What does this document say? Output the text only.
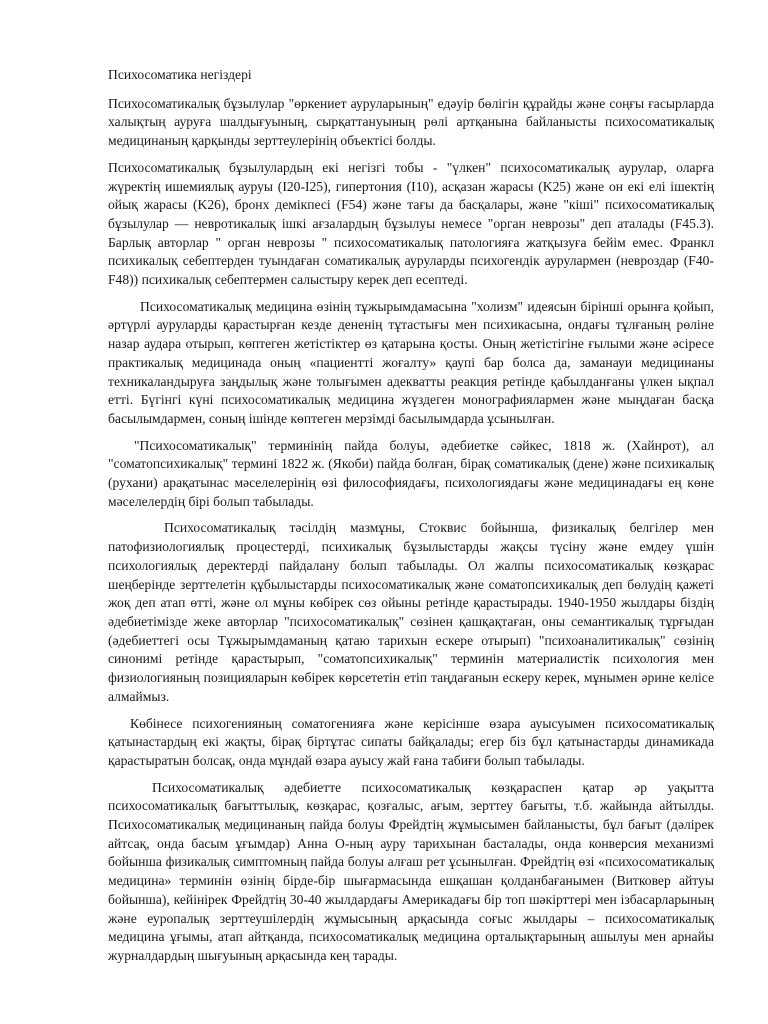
Психосоматика негіздері

Психосоматикалық бұзылулар "өркениет ауруларының" едәуір бөлігін құрайды және соңғы ғасырларда халықтың ауруға шалдығуының, сырқаттануының рөлі артқанына байланысты психосоматикалық медицинаның қарқынды зерттеулерінің объектісі болды.

Психосоматикалық бұзылулардың екі негізгі тобы - "үлкен" психосоматикалық аурулар, оларға жүректің ишемиялық ауруы (I20-I25), гипертония (I10), асқазан жарасы (K25) және он екі елі ішектің ойық жарасы (K26), бронх демікпесі (F54) және тағы да басқалары, және "кіші" психосоматикалық бұзылулар — невротикалық ішкі ағзалардың бұзылуы немесе "орган неврозы" деп аталады (F45.3). Барлық авторлар " орган неврозы " психосоматикалық патологияға жатқызуға бейім емес. Франкл психикалық себептерден туындаған соматикалық ауруларды психогендік аурулармен (невроздар (F40-F48)) психикалық себептермен салыстыру керек деп есептеді.

Психосоматикалық медицина өзінің тұжырымдамасына "холизм" идеясын бірінші орынға қойып, әртүрлі ауруларды қарастырған кезде дененің тұтастығы мен психикасына, ондағы тұлғаның рөліне назар аудара отырып, көптеген жетістіктер өз қатарына қосты. Оның жетістігіне ғылыми және әсіресе практикалық медицинада оның «пациентті жоғалту» қаупі бар болса да, заманауи медицинаны техникаландыруға заңдылық және толығымен адекватты реакция ретінде қабылданғаны үлкен ықпал етті. Бүгінгі күні психосоматикалық медицина жүздеген монографиялармен және мыңдаған басқа басылымдармен, соның ішінде көптеген мерзімді басылымдарда ұсынылған.

"Психосоматикалық" терминінің пайда болуы, әдебиетке сәйкес, 1818 ж. (Хайнрот), ал "соматопсихикалық" термині 1822 ж. (Якоби) пайда болған, бірақ соматикалық (дене) және психикалық (рухани) арақатынас мәселелерінің өзі философиядағы, психологиядағы және медицинадағы ең көне мәселелердің бірі болып табылады.

Психосоматикалық тәсілдің мазмұны, Стоквис бойынша, физикалық белгілер мен патофизиологиялық процестерді, психикалық бұзылыстарды жақсы түсіну және емдеу үшін психологиялық деректерді пайдалану болып табылады. Ол жалпы психосоматикалық көзқарас шеңберінде зерттелетін құбылыстарды психосоматикалық және соматопсихикалық деп бөлудің қажеті жоқ деп атап өтті, және ол мұны көбірек сөз ойыны ретінде қарастырады. 1940-1950 жылдары біздің әдебиетімізде жеке авторлар "психосоматикалық" сөзінен қашқақтаған, оны семантикалық тұрғыдан (әдебиеттегі осы Тұжырымдаманың қатаю тарихын ескере отырып) "психоаналитикалық" сөзінің синонимі ретінде қарастырып, "соматопсихикалық" терминін материалистік психология мен физиологияның позицияларын көбірек көрсететін етіп таңдағанын ескеру керек, мұнымен әрине келісе алмаймыз.

Көбінесе психогенияның соматогенияға және керісінше өзара ауысуымен психосоматикалық қатынастардың екі жақты, бірақ біртұтас сипаты байқалады; егер біз бұл қатынастарды динамикада қарастыратын болсақ, онда мұндай өзара ауысу жай ғана табиғи болып табылады.

Психосоматикалық әдебиетте психосоматикалық көзқараспен қатар әр уақытта психосоматикалық бағыттылық, көзқарас, қозғалыс, ағым, зерттеу бағыты, т.б. жайында айтылды. Психосоматикалық медицинаның пайда болуы Фрейдтің жұмысымен байланысты, бұл бағыт (дәлірек айтсақ, онда басым ұғымдар) Анна О-ның ауру тарихынан басталады, онда конверсия механизмі бойынша физикалық симптомның пайда болуы алғаш рет ұсынылған. Фрейдтің өзі «психосоматикалық медицина» терминін өзінің бірде-бір шығармасында ешқашан қолданбағанымен (Витковер айтуы бойынша), кейінірек Фрейдтің 30-40 жылдардағы Америкадағы бір топ шәкірттері мен ізбасарларының және еуропалық зерттеушілердің жұмысының арқасында соғыс жылдары – психосоматикалық медицина ұғымы, атап айтқанда, психосоматикалық медицина орталықтарының ашылуы мен арнайы журналдардың шығуының арқасында кең тарады.
